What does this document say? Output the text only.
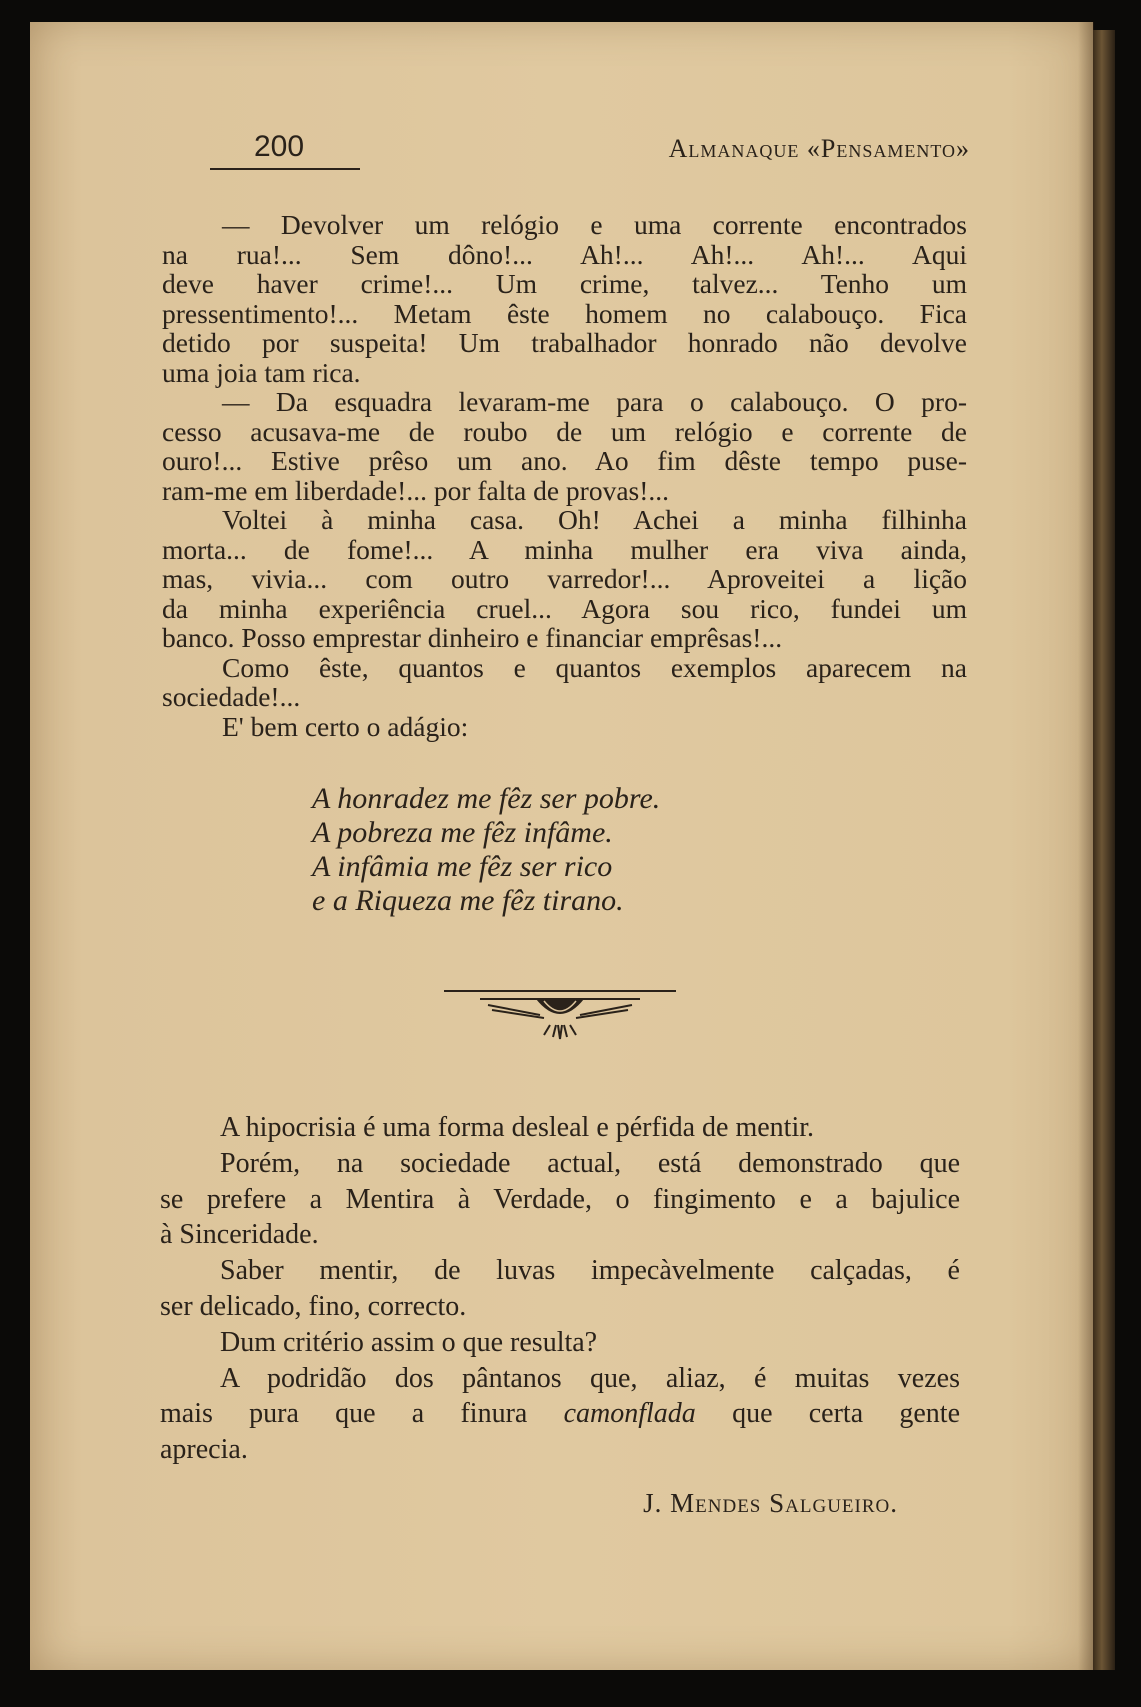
200	Almanaque «Pensamento»
— Devolver um relógio e uma corrente encontrados
na rua!... Sem dôno!... Ah!... Ah!... Ah!... Aqui
deve haver crime!... Um crime, talvez... Tenho um
pressentimento!... Metam êste homem no calabouço. Fica
detido por suspeita! Um trabalhador honrado não devolve
uma joia tam rica.
— Da esquadra levaram-me para o calabouço. O pro-
cesso acusava-me de roubo de um relógio e corrente de
ouro!... Estive prêso um ano. Ao fim dêste tempo puse-
ram-me em liberdade!... por falta de provas!...
Voltei à minha casa. Oh! Achei a minha filhinha
morta... de fome!... A minha mulher era viva ainda,
mas, vivia... com outro varredor!... Aproveitei a lição
da minha experiência cruel... Agora sou rico, fundei um
banco. Posso emprestar dinheiro e financiar emprêsas!...
Como êste, quantos e quantos exemplos aparecem na
sociedade!...
E' bem certo o adágio:
A honradez me fêz ser pobre.
A pobreza me fêz infâme.
A infâmia me fêz ser rico
e a Riqueza me fêz tirano.
A hipocrisia é uma forma desleal e pérfida de mentir.
Porém, na sociedade actual, está demonstrado que
se prefere a Mentira à Verdade, o fingimento e a bajulice
à Sinceridade.
Saber mentir, de luvas impecàvelmente calçadas, é
ser delicado, fino, correcto.
Dum critério assim o que resulta?
A podridão dos pântanos que, aliaz, é muitas vezes
mais pura que a finura camonflada que certa gente
aprecia.
J. Mendes Salgueiro.
